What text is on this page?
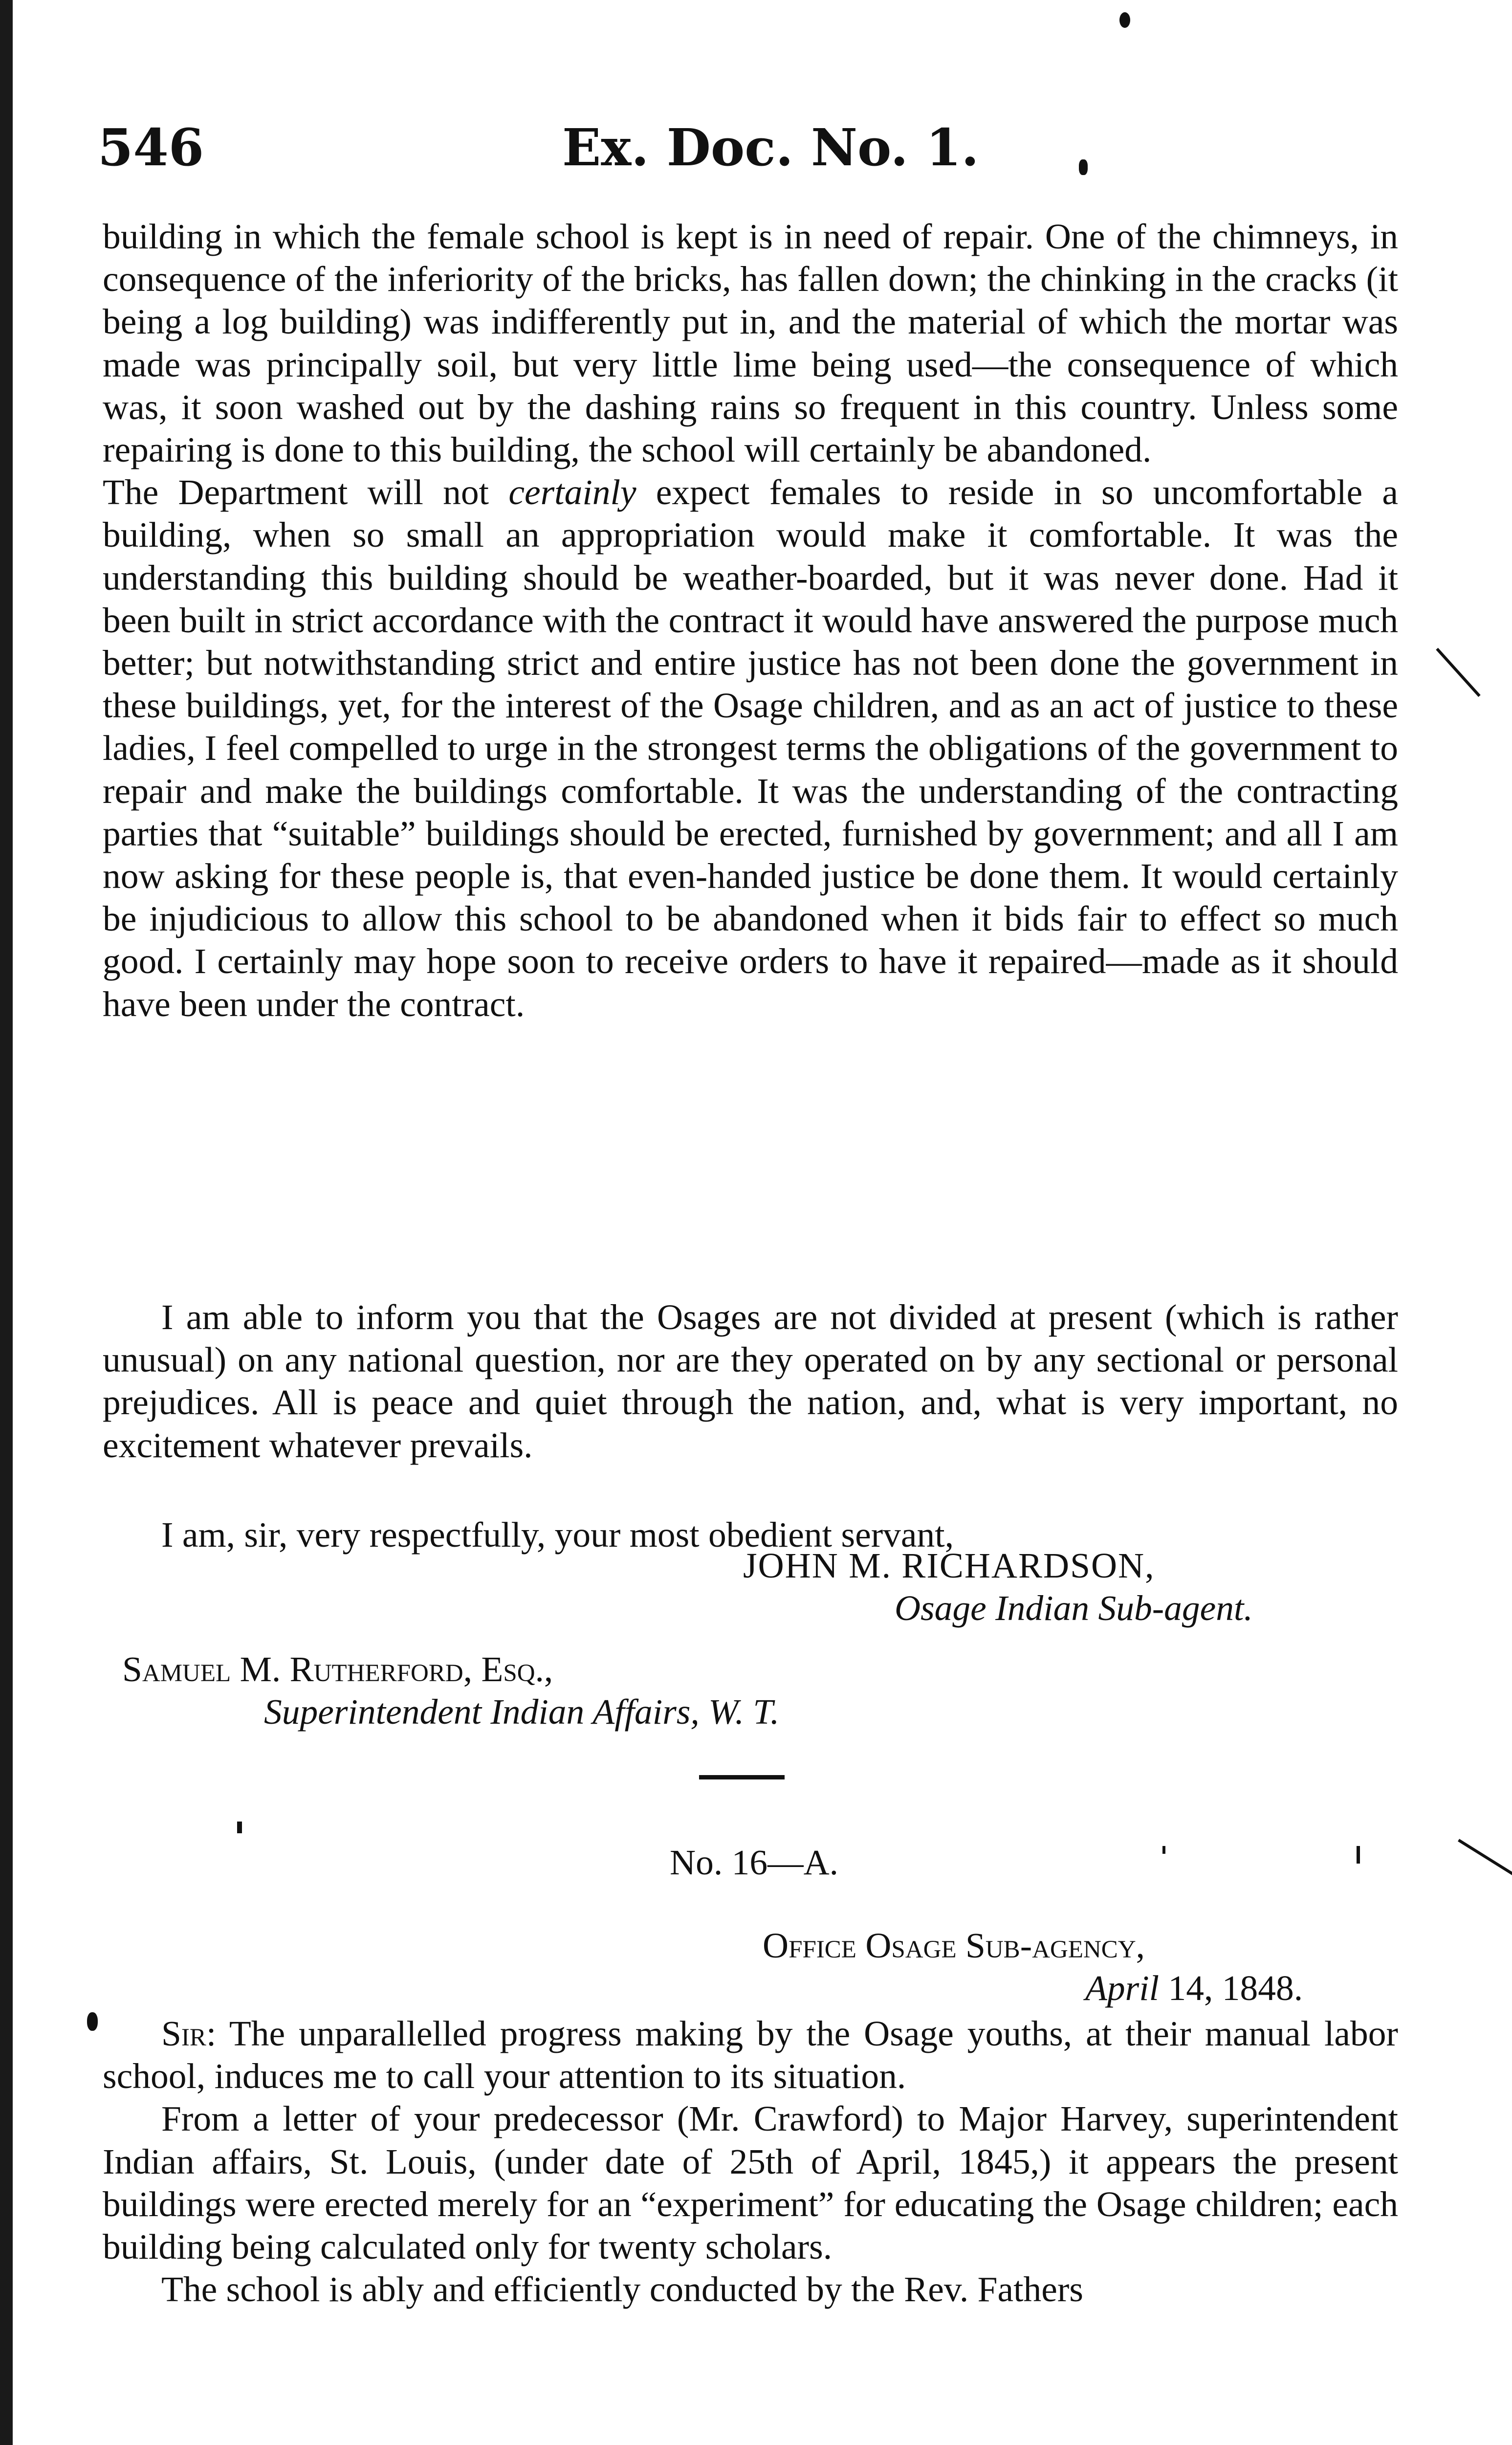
546	Ex. Doc. No. 1.

building in which the female school is kept is in need of repair. One of the chimneys, in consequence of the inferiority of the bricks, has fallen down; the chinking in the cracks (it being a log building) was indifferently put in, and the material of which the mortar was made was principally soil, but very little lime being used—the consequence of which was, it soon washed out by the dashing rains so frequent in this country. Unless some repairing is done to this building, the school will certainly be abandoned.

The Department will not certainly expect females to reside in so uncomfortable a building, when so small an appropriation would make it comfortable. It was the understanding this building should be weather-boarded, but it was never done. Had it been built in strict accordance with the contract it would have answered the purpose much better; but notwithstanding strict and entire justice has not been done the government in these buildings, yet, for the interest of the Osage children, and as an act of justice to these ladies, I feel compelled to urge in the strongest terms the obligations of the government to repair and make the buildings comfortable. It was the understanding of the contracting parties that “suitable” buildings should be erected, furnished by government; and all I am now asking for these people is, that even-handed justice be done them. It would certainly be injudicious to allow this school to be abandoned when it bids fair to effect so much good. I certainly may hope soon to receive orders to have it repaired—made as it should have been under the contract.

I am able to inform you that the Osages are not divided at present (which is rather unusual) on any national question, nor are they operated on by any sectional or personal prejudices. All is peace and quiet through the nation, and, what is very important, no excitement whatever prevails.

I am, sir, very respectfully, your most obedient servant,

JOHN M. RICHARDSON,
Osage Indian Sub-agent.
Samuel M. Rutherford, Esq.,
Superintendent Indian Affairs, W. T.
No. 16—A.
Office Osage Sub-agency,
April 14, 1848.

Sir: The unparallelled progress making by the Osage youths, at their manual labor school, induces me to call your attention to its situation.

From a letter of your predecessor (Mr. Crawford) to Major Harvey, superintendent Indian affairs, St. Louis, (under date of 25th of April, 1845,) it appears the present buildings were erected merely for an “experiment” for educating the Osage children; each building being calculated only for twenty scholars.

The school is ably and efficiently conducted by the Rev. Fathers
